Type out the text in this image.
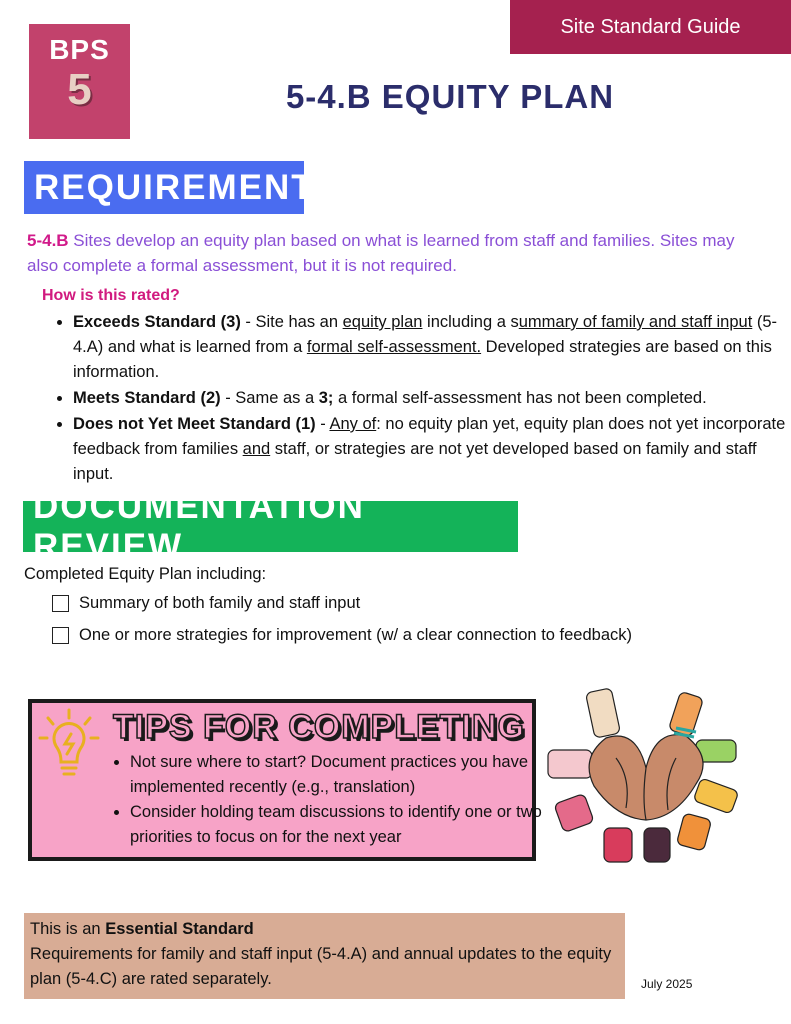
Site Standard Guide
BPS
5	5-4.B EQUITY PLAN
REQUIREMENT
5-4.B Sites develop an equity plan based on what is learned from staff and families. Sites may also complete a formal assessment, but it is not required.
How is this rated?
• Exceeds Standard (3) - Site has an equity plan including a summary of family and staff input (5-4.A) and what is learned from a formal self-assessment. Developed strategies are based on this information.
• Meets Standard (2) - Same as a 3; a formal self-assessment has not been completed.
• Does not Yet Meet Standard (1) - Any of: no equity plan yet, equity plan does not yet incorporate feedback from families and staff, or strategies are not yet developed based on family and staff input.
DOCUMENTATION REVIEW
Completed Equity Plan including:
Summary of both family and staff input
One or more strategies for improvement (w/ a clear connection to feedback)
TIPS FOR COMPLETING
• Not sure where to start? Document practices you have implemented recently (e.g., translation)
• Consider holding team discussions to identify one or two priorities to focus on for the next year
This is an Essential Standard
Requirements for family and staff input (5-4.A) and annual updates to the equity plan (5-4.C) are rated separately.	July 2025
